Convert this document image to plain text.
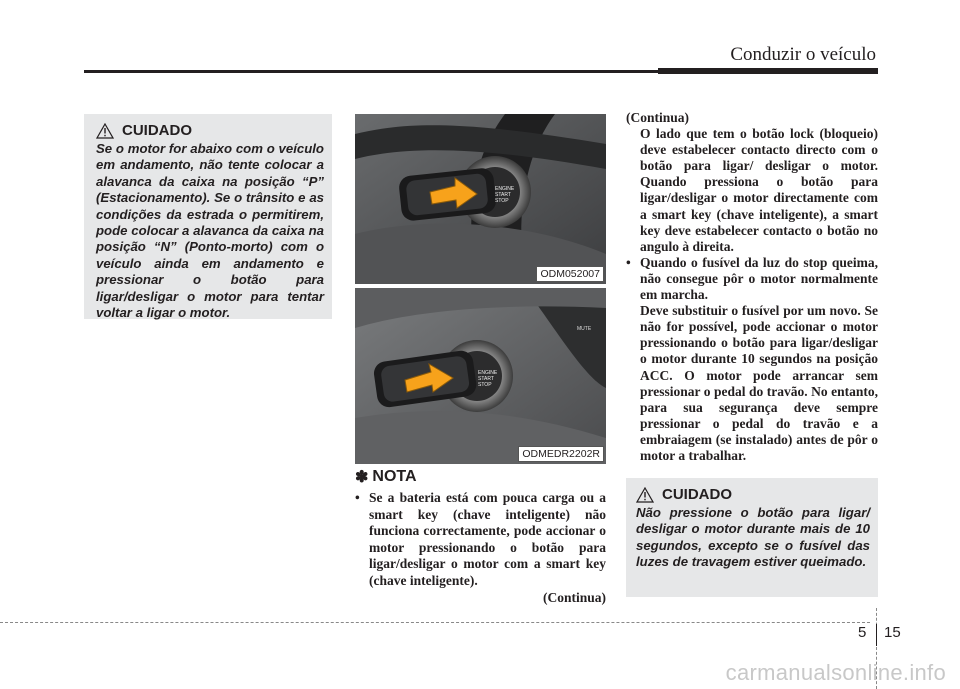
Conduzir o veículo
CUIDADO
Se o motor for abaixo com o veículo em andamento, não tente colocar a alavanca da caixa na posição “P” (Estacionamento). Se o trânsito e as condições da estrada o permitirem, pode colocar a alavanca da caixa na posição “N” (Ponto-morto) com o veículo ainda em andamento e pressionar o botão para ligar/desligar o motor para tentar voltar a ligar o motor.
ENGINE
START
STOP
ODM052007
MUTE
ENGINE
START
STOP
ODMEDR2202R
✽ NOTA
• Se a bateria está com pouca carga ou a smart key (chave inteligente) não funciona correctamente, pode accionar o motor pressionando o botão para ligar/desligar o motor com a smart key (chave inteligente).
(Continua)
(Continua)
O lado que tem o botão lock (bloqueio) deve estabelecer contacto directo com o botão para ligar/ desligar o motor. Quando pressiona o botão para ligar/desligar o motor directamente com a smart key (chave inteligente), a smart key deve estabelecer contacto o botão no angulo à direita.
• Quando o fusível da luz do stop queima, não consegue pôr o motor normalmente em marcha.
Deve substituir o fusível por um novo. Se não for possível, pode accionar o motor pressionando o botão para ligar/desligar o motor durante 10 segundos na posição ACC. O motor pode arrancar sem pressionar o pedal do travão. No entanto, para sua segurança deve sempre pressionar o pedal do travão e a embraiagem (se instalado) antes de pôr o motor a trabalhar.
CUIDADO
Não pressione o botão para ligar/ desligar o motor durante mais de 10 segundos, excepto se o fusível das luzes de travagem estiver queimado.
5 15
carmanualsonline.info
